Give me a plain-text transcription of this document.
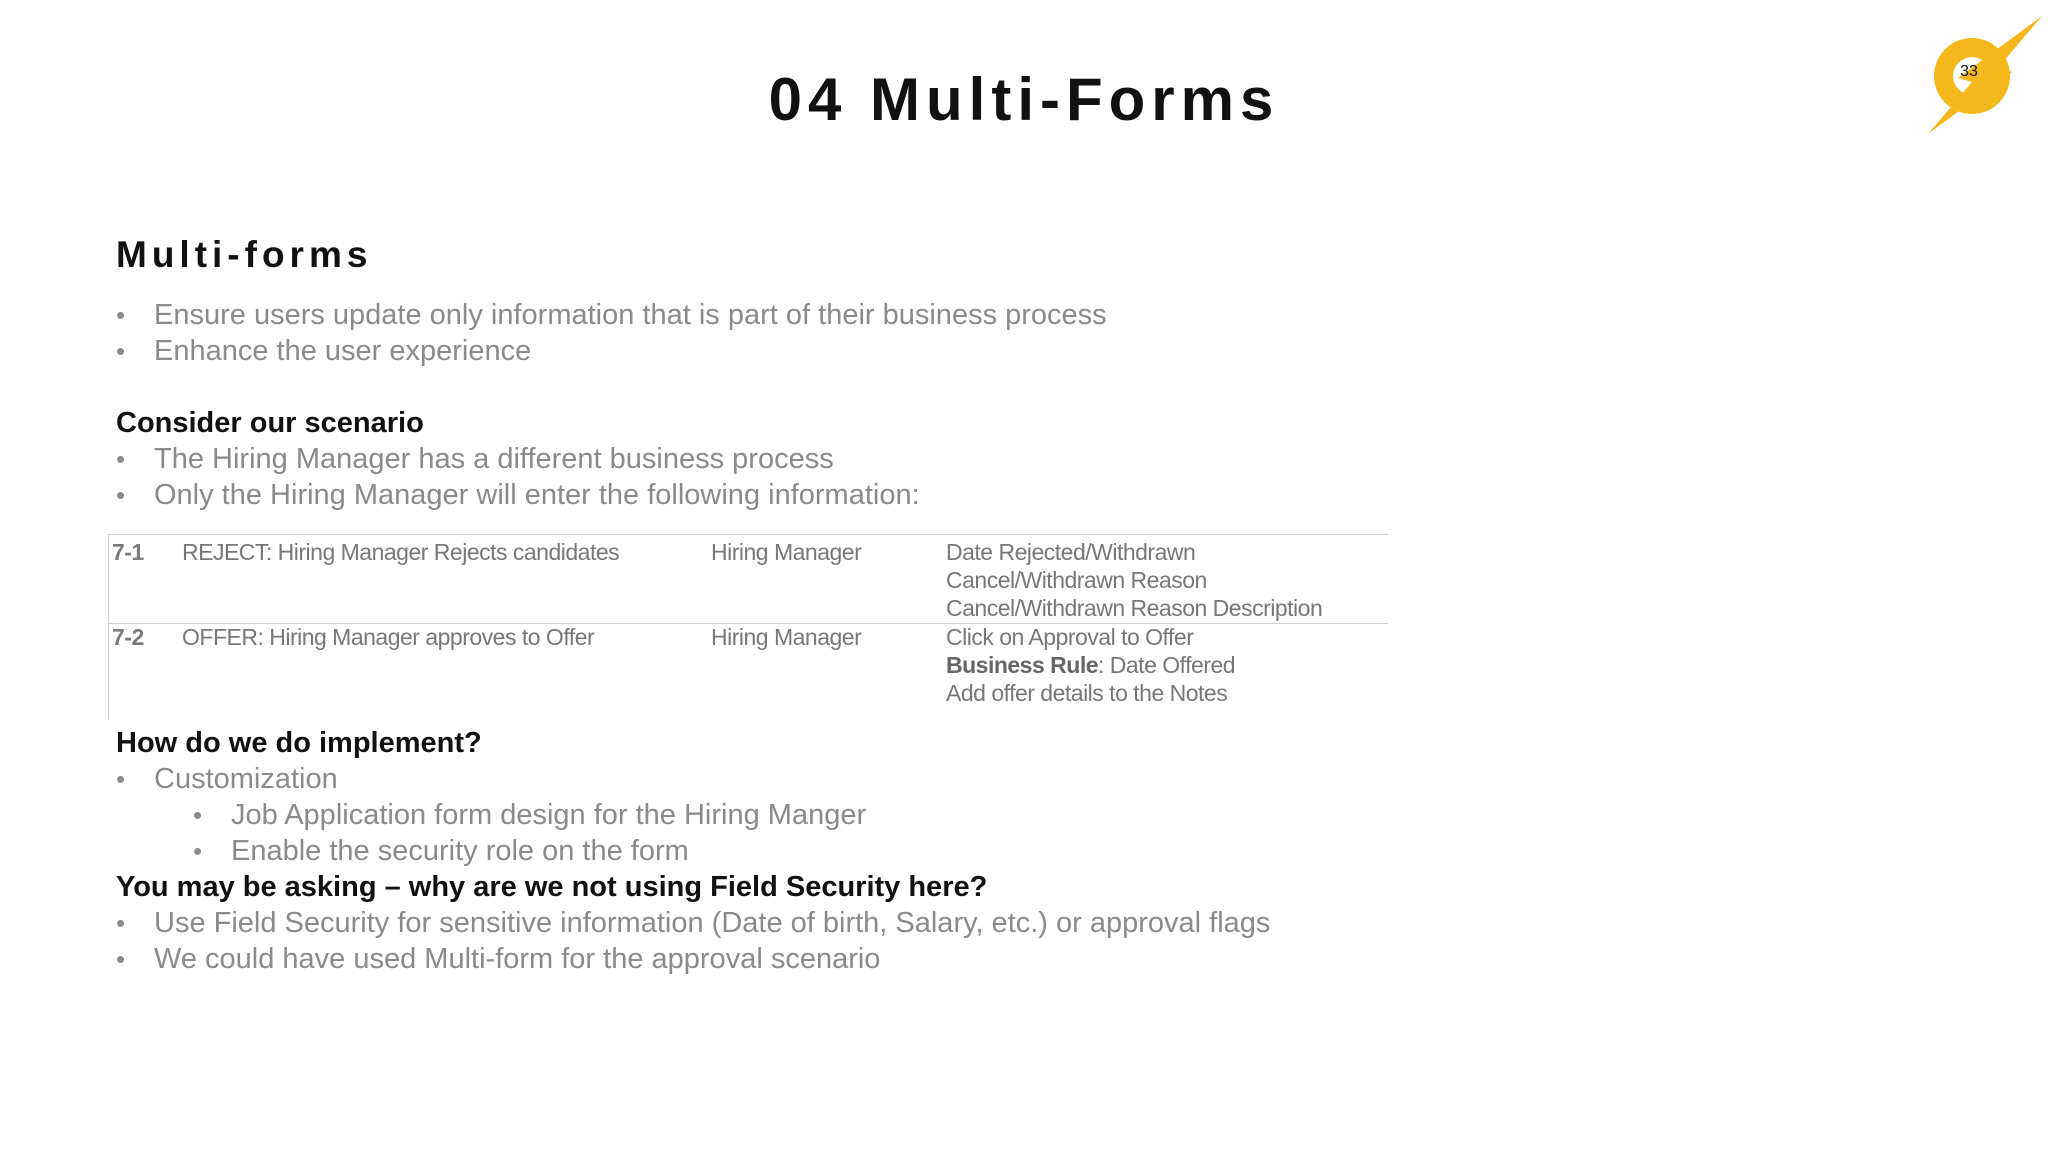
04 Multi-Forms	33
Multi-forms
• Ensure users update only information that is part of their business process
• Enhance the user experience
Consider our scenario
• The Hiring Manager has a different business process
• Only the Hiring Manager will enter the following information:
7-1 REJECT: Hiring Manager Rejects candidates	Hiring Manager	Date Rejected/Withdrawn
Cancel/Withdrawn Reason
Cancel/Withdrawn Reason Description
7-2 OFFER: Hiring Manager approves to Offer	Hiring Manager	Click on Approval to Offer
Business Rule: Date Offered
Add offer details to the Notes
How do we do implement?
• Customization
• Job Application form design for the Hiring Manger
• Enable the security role on the form
You may be asking – why are we not using Field Security here?
• Use Field Security for sensitive information (Date of birth, Salary, etc.) or approval flags
• We could have used Multi-form for the approval scenario
